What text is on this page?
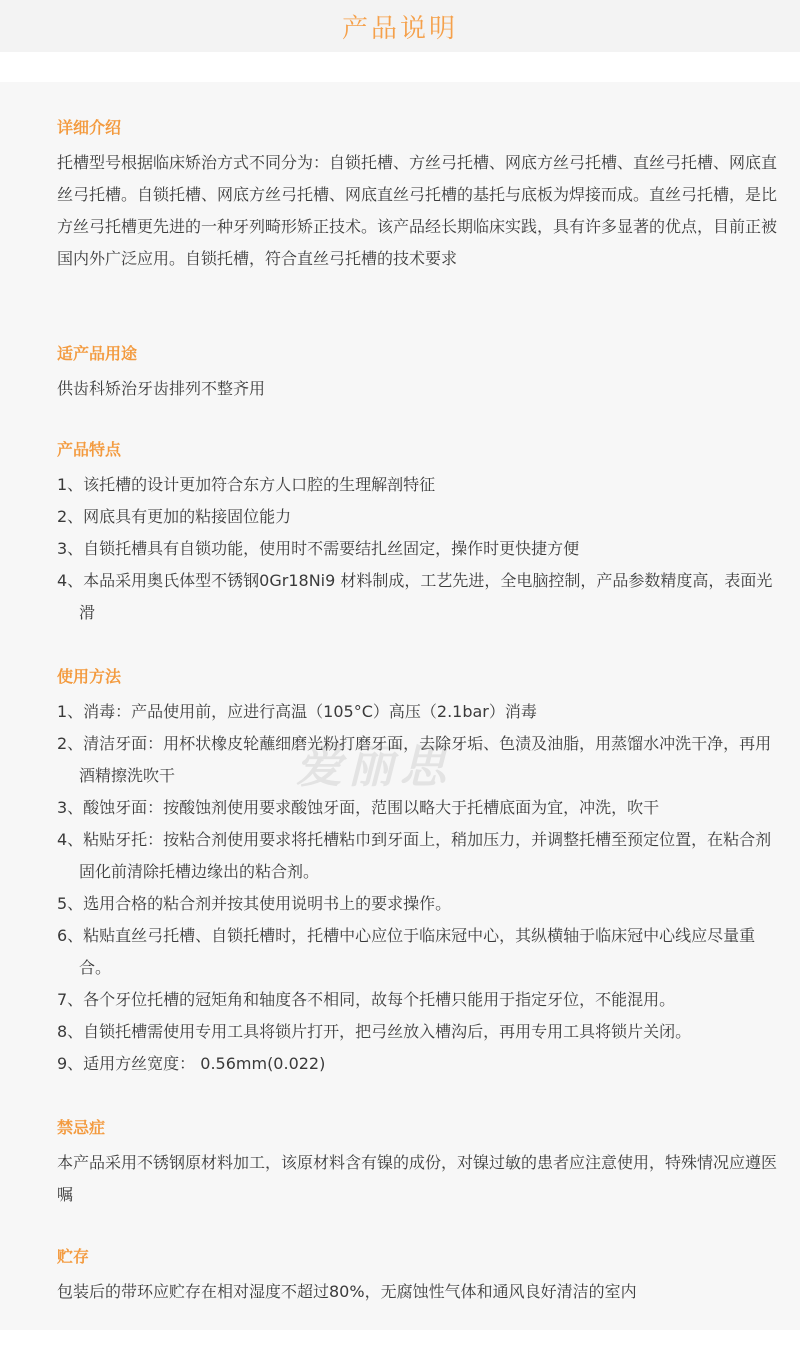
产品说明
爱丽思
详细介绍

托槽型号根据临床矫治方式不同分为：自锁托槽、方丝弓托槽、网底方丝弓托槽、直丝弓托槽、网底直丝弓托槽。自锁托槽、网底方丝弓托槽、网底直丝弓托槽的基托与底板为焊接而成。直丝弓托槽，是比方丝弓托槽更先进的一种牙列畸形矫正技术。该产品经长期临床实践，具有许多显著的优点，目前正被国内外广泛应用。自锁托槽，符合直丝弓托槽的技术要求

适产品用途

供齿科矫治牙齿排列不整齐用

产品特点

1、该托槽的设计更加符合东方人口腔的生理解剖特征

2、网底具有更加的粘接固位能力

3、自锁托槽具有自锁功能，使用时不需要结扎丝固定，操作时更快捷方便

4、本品采用奥氏体型不锈钢0Gr18Ni9 材料制成，工艺先进，全电脑控制，产品参数精度高，表面光滑

使用方法

1、消毒：产品使用前，应进行高温（105°C）高压（2.1bar）消毒

2、清洁牙面：用杯状橡皮轮蘸细磨光粉打磨牙面，去除牙垢、色渍及油脂，用蒸馏水冲洗干净，再用酒精擦洗吹干

3、酸蚀牙面：按酸蚀剂使用要求酸蚀牙面，范围以略大于托槽底面为宜，冲洗，吹干

4、粘贴牙托：按粘合剂使用要求将托槽粘巾到牙面上，稍加压力，并调整托槽至预定位置，在粘合剂固化前清除托槽边缘出的粘合剂。

5、选用合格的粘合剂并按其使用说明书上的要求操作。

6、粘贴直丝弓托槽、自锁托槽时，托槽中心应位于临床冠中心，其纵横轴于临床冠中心线应尽量重合。

7、各个牙位托槽的冠矩角和轴度各不相同，故每个托槽只能用于指定牙位，不能混用。

8、自锁托槽需使用专用工具将锁片打开，把弓丝放入槽沟后，再用专用工具将锁片关闭。

9、适用方丝宽度： 0.56mm(0.022)

禁忌症

本产品采用不锈钢原材料加工，该原材料含有镍的成份，对镍过敏的患者应注意使用，特殊情况应遵医嘱

贮存

包装后的带环应贮存在相对湿度不超过80%，无腐蚀性气体和通风良好清洁的室内
